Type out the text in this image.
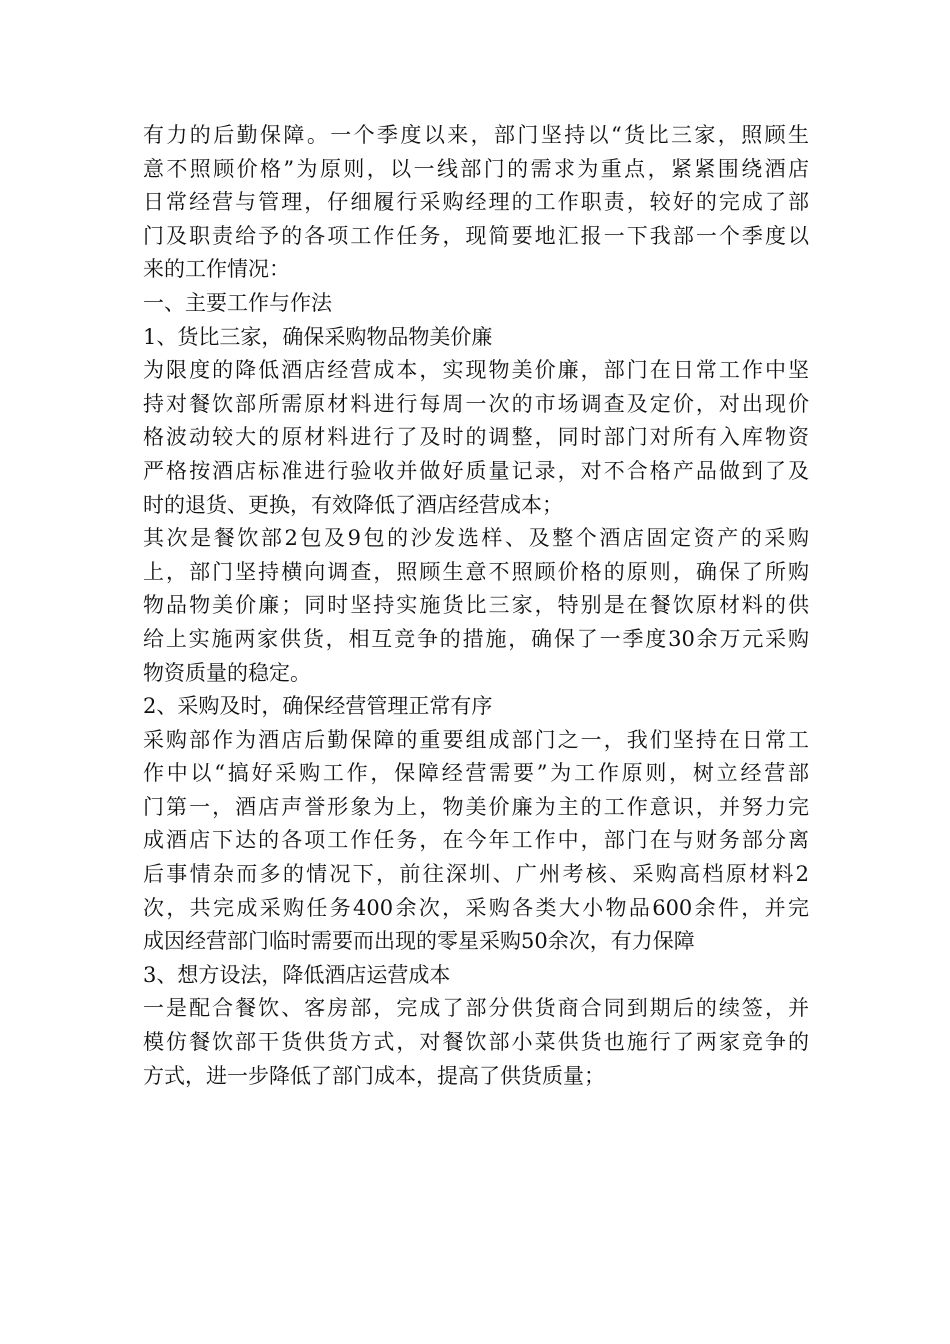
有力的后勤保障。一个季度以来，部门坚持以“货比三家，照顾生
意不照顾价格”为原则，以一线部门的需求为重点，紧紧围绕酒店
日常经营与管理，仔细履行采购经理的工作职责，较好的完成了部
门及职责给予的各项工作任务，现简要地汇报一下我部一个季度以
来的工作情况：
一、主要工作与作法
1、货比三家，确保采购物品物美价廉
为限度的降低酒店经营成本，实现物美价廉，部门在日常工作中坚
持对餐饮部所需原材料进行每周一次的市场调查及定价，对出现价
格波动较大的原材料进行了及时的调整，同时部门对所有入库物资
严格按酒店标准进行验收并做好质量记录，对不合格产品做到了及
时的退货、更换，有效降低了酒店经营成本；
其次是餐饮部2包及9包的沙发选样、及整个酒店固定资产的采购
上，部门坚持横向调查，照顾生意不照顾价格的原则，确保了所购
物品物美价廉；同时坚持实施货比三家，特别是在餐饮原材料的供
给上实施两家供货，相互竞争的措施，确保了一季度30余万元采购
物资质量的稳定。
2、采购及时，确保经营管理正常有序
采购部作为酒店后勤保障的重要组成部门之一，我们坚持在日常工
作中以“搞好采购工作，保障经营需要”为工作原则，树立经营部
门第一，酒店声誉形象为上，物美价廉为主的工作意识，并努力完
成酒店下达的各项工作任务，在今年工作中，部门在与财务部分离
后事情杂而多的情况下，前往深圳、广州考核、采购高档原材料2
次，共完成采购任务400余次，采购各类大小物品600余件，并完
成因经营部门临时需要而出现的零星采购50余次，有力保障
3、想方设法，降低酒店运营成本
一是配合餐饮、客房部，完成了部分供货商合同到期后的续签，并
模仿餐饮部干货供货方式，对餐饮部小菜供货也施行了两家竞争的
方式，进一步降低了部门成本，提高了供货质量；
